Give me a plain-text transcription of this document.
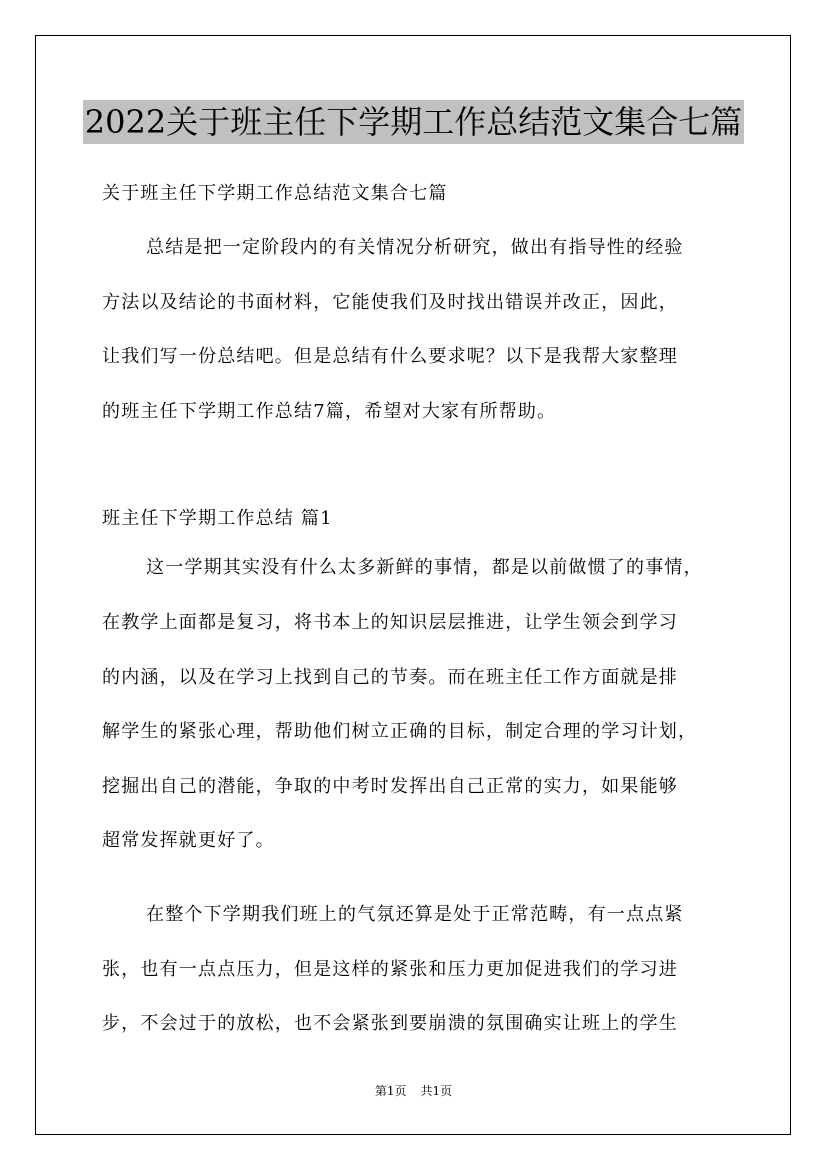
2022关于班主任下学期工作总结范文集合七篇
关于班主任下学期工作总结范文集合七篇
总结是把一定阶段内的有关情况分析研究，做出有指导性的经验
方法以及结论的书面材料，它能使我们及时找出错误并改正，因此，
让我们写一份总结吧。但是总结有什么要求呢？以下是我帮大家整理
的班主任下学期工作总结7篇，希望对大家有所帮助。
班主任下学期工作总结 篇1
这一学期其实没有什么太多新鲜的事情，都是以前做惯了的事情，
在教学上面都是复习，将书本上的知识层层推进，让学生领会到学习
的内涵，以及在学习上找到自己的节奏。而在班主任工作方面就是排
解学生的紧张心理，帮助他们树立正确的目标，制定合理的学习计划，
挖掘出自己的潜能，争取的中考时发挥出自己正常的实力，如果能够
超常发挥就更好了。
在整个下学期我们班上的气氛还算是处于正常范畴，有一点点紧
张，也有一点点压力，但是这样的紧张和压力更加促进我们的学习进
步，不会过于的放松，也不会紧张到要崩溃的氛围确实让班上的学生
第1页 共1页
